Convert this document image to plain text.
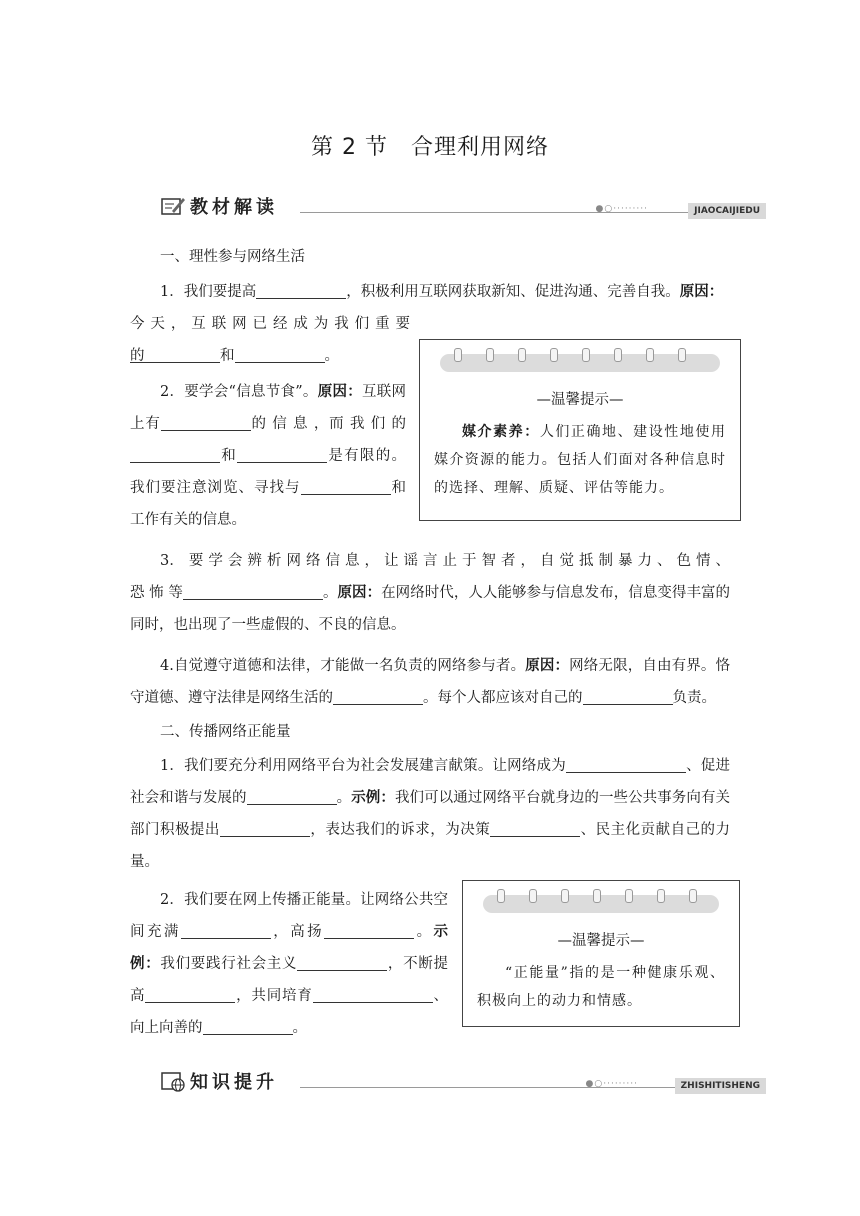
第 2 节　合理利用网络
教材解读	●○·········	JIAOCAIJIEDU
一、理性参与网络生活
1．我们要提高	，积极利用互联网获取新知、促进沟通、完善自我。原因：
今 天 ， 互 联 网 已 经 成 为 我 们 重 要 的	和	。
2．要学会“信息节食”。原因：互联网上有	的 信 息 ，而 我 们 的和	是有限的。我们要注意浏览、寻找与	和工作有关的信息。
—温馨提示—
媒介素养：人们正确地、建设性地使用媒介资源的能力。包括人们面对各种信息时的选择、理解、质疑、评估等能力。
3． 要 学 会 辨 析 网 络 信 息 ， 让 谣 言 止 于 智 者 ， 自 觉 抵 制 暴 力 、 色 情 、 恐 怖 等	。原因：在网络时代，人人能够参与信息发布，信息变得丰富的同时，也出现了一些虚假的、不良的信息。
4.自觉遵守道德和法律，才能做一名负责的网络参与者。原因：网络无限，自由有界。恪守道德、遵守法律是网络生活的	。每个人都应该对自己的	负责。
二、传播网络正能量
1．我们要充分利用网络平台为社会发展建言献策。让网络成为	、促进社会和谐与发展的	。示例：我们可以通过网络平台就身边的一些公共事务向有关部门积极提出	，表达我们的诉求，为决策	、民主化贡献自己的力量。
2．我们要在网上传播正能量。让网络公共空间充满	，高扬	。示例：我们要践行社会主义	，不断提高	，共同培育	、向上向善的	。
—温馨提示—
“正能量”指的是一种健康乐观、积极向上的动力和情感。
知识提升	●○·········	ZHISHITISHENG
